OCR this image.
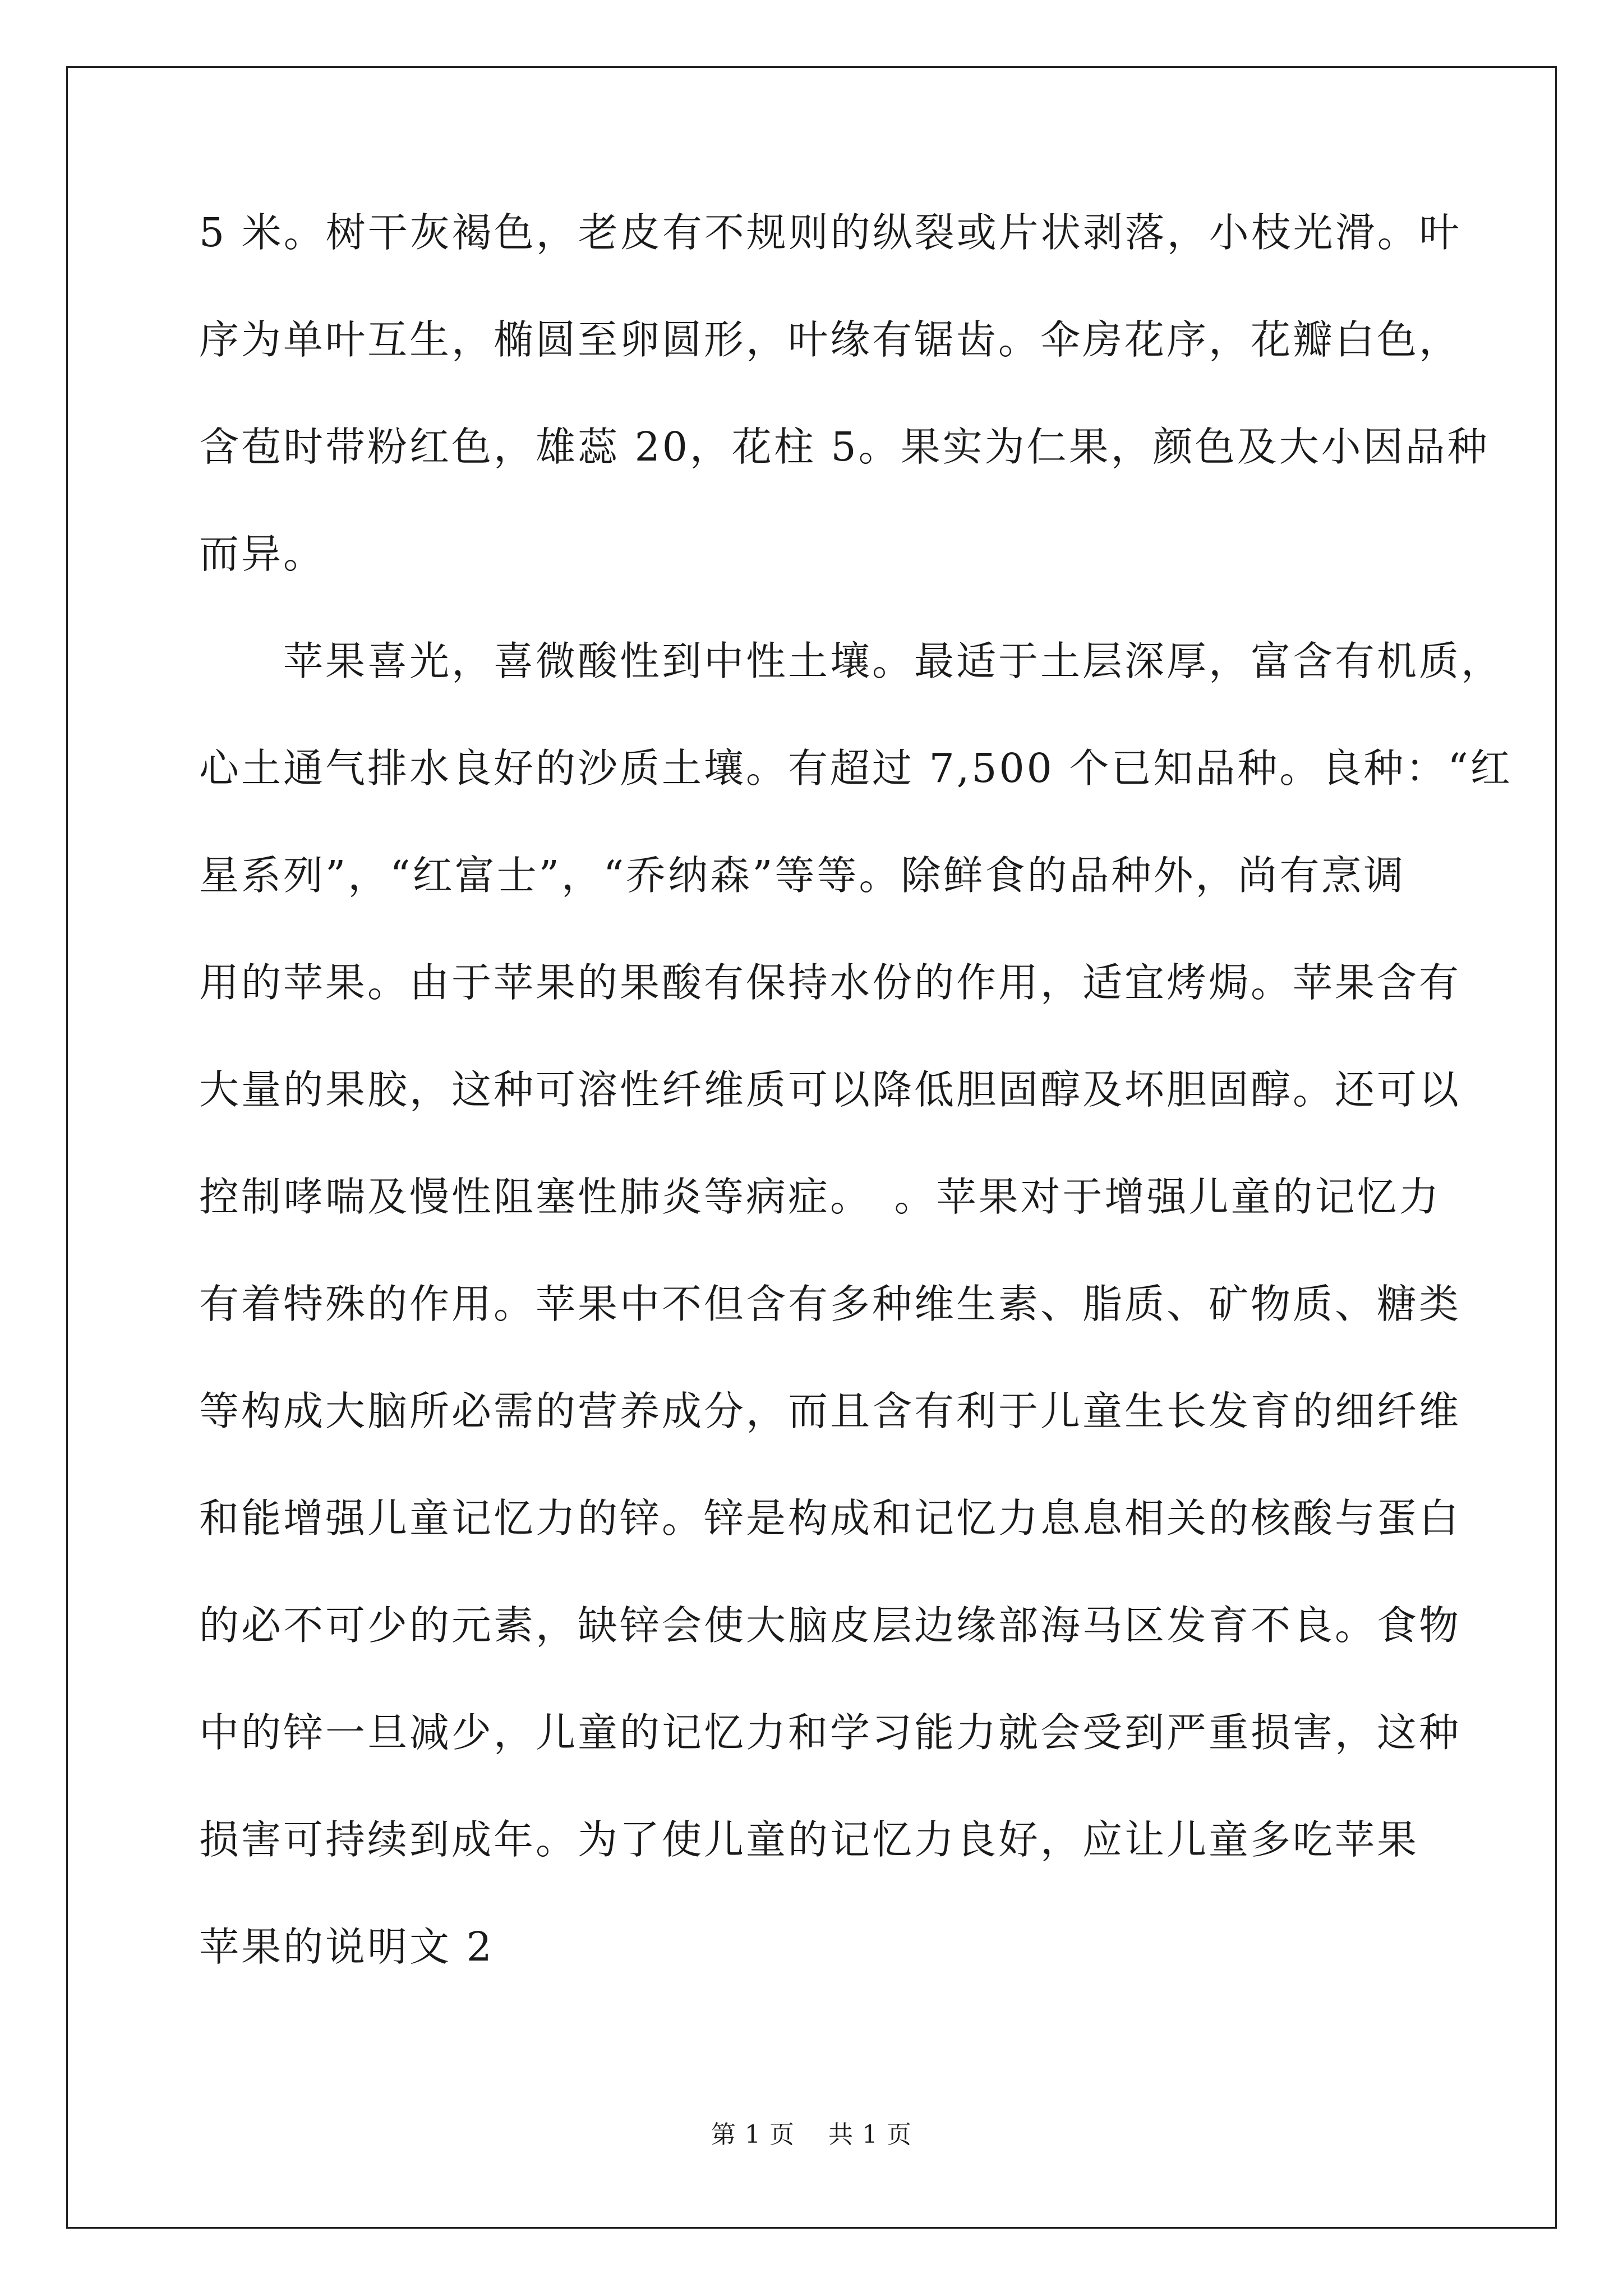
5 米。树干灰褐色，老皮有不规则的纵裂或片状剥落，小枝光滑。叶

序为单叶互生，椭圆至卵圆形，叶缘有锯齿。伞房花序，花瓣白色，

含苞时带粉红色，雄蕊 20，花柱 5。果实为仁果，颜色及大小因品种

而异。

　　苹果喜光，喜微酸性到中性土壤。最适于土层深厚，富含有机质，

心土通气排水良好的沙质土壤。有超过 7,500 个已知品种。良种：“红

星系列”，“红富士”，“乔纳森”等等。除鲜食的品种外，尚有烹调

用的苹果。由于苹果的果酸有保持水份的作用，适宜烤焗。苹果含有

大量的果胶，这种可溶性纤维质可以降低胆固醇及坏胆固醇。还可以

控制哮喘及慢性阻塞性肺炎等病症。　。苹果对于增强儿童的记忆力

有着特殊的作用。苹果中不但含有多种维生素、脂质、矿物质、糖类

等构成大脑所必需的营养成分，而且含有利于儿童生长发育的细纤维

和能增强儿童记忆力的锌。锌是构成和记忆力息息相关的核酸与蛋白

的必不可少的元素，缺锌会使大脑皮层边缘部海马区发育不良。食物

中的锌一旦减少，儿童的记忆力和学习能力就会受到严重损害，这种

损害可持续到成年。为了使儿童的记忆力良好，应让儿童多吃苹果

苹果的说明文 2

第 1 页 共 1 页
